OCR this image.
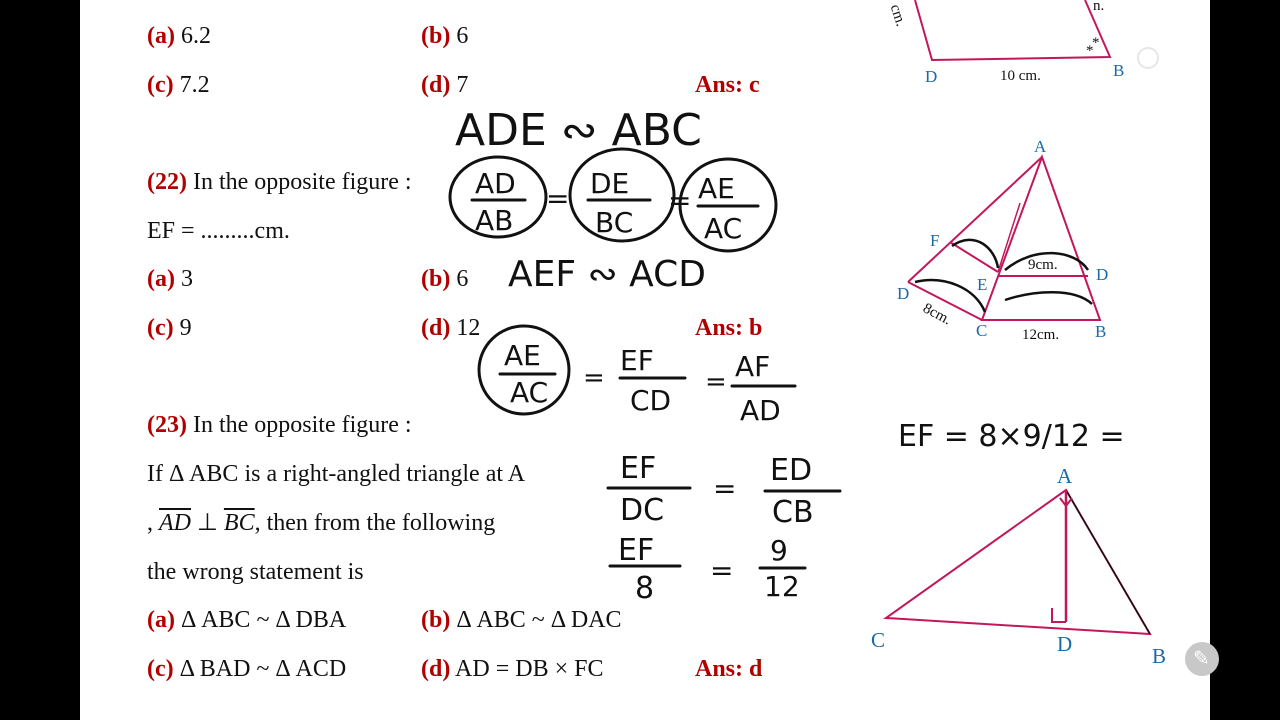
(a) 6.2	(b) 6
(c) 7.2	(d) 7	Ans: c
(22) In the opposite figure :
EF = .........cm.
(a) 3	(b) 6
(c) 9	(d) 12	Ans: b
(23) In the opposite figure :
If Δ ABC is a right-angled triangle at A
, $\overline{AD}$ ⊥ $\overline{BC}$, then from the following
the wrong statement is
(a) Δ ABC ~ Δ DBA	(b) Δ ABC ~ Δ DAC
(c) Δ BAD ~ Δ ACD	(d) AD = DB × FC	Ans: d
cm.	n.
*
*
D	10 cm.	B
A
F
E
D
D
C	B
9cm.
8cm.
12cm.
A
C	D	B
ADE ∾ ABC
AD
AB
= DE
BC
= AE
AC
AEF ∾ ACD
AE
AC =
EF
CD
= AF
AD
EF
DC
=
ED
CB
EF
8
=
9
12
EF = 8×9/12 =
✎
